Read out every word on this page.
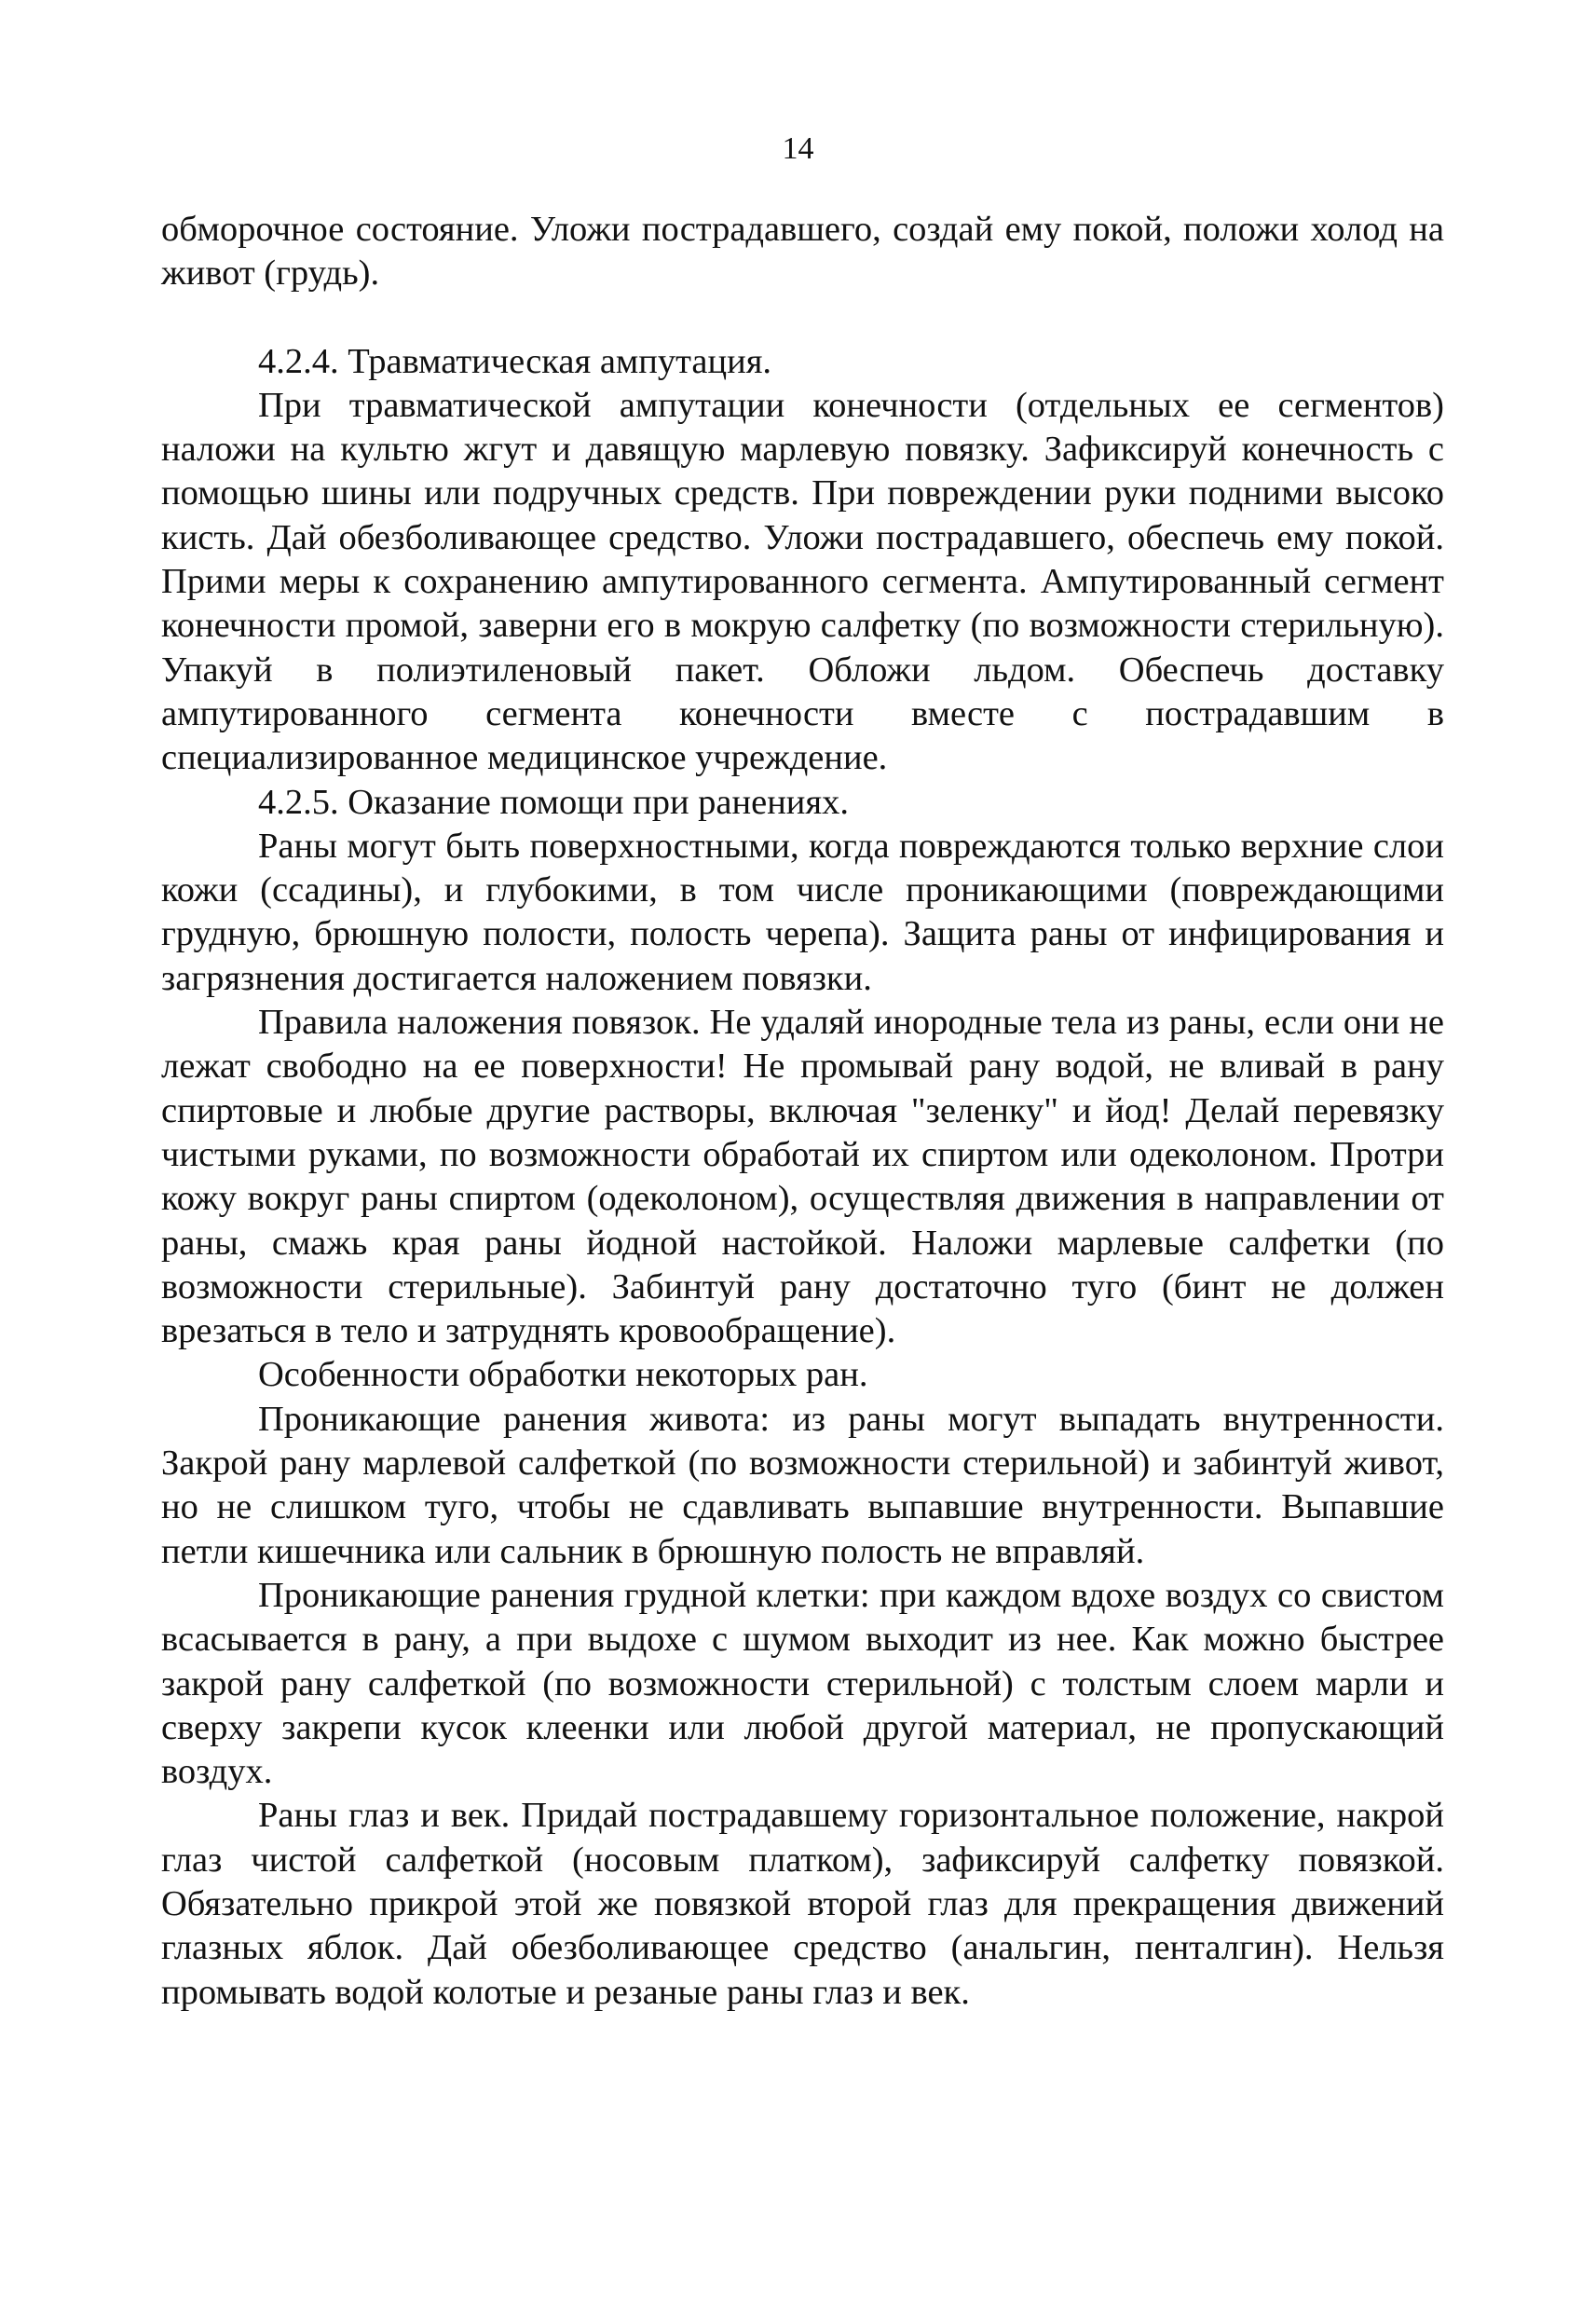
14

обморочное состояние. Уложи пострадавшего, создай ему покой, положи холод на живот (грудь).

4.2.4. Травматическая ампутация.

При травматической ампутации конечности (отдельных ее сегментов) наложи на культю жгут и давящую марлевую повязку. Зафиксируй конечность с помощью шины или подручных средств. При повреждении руки подними высоко кисть. Дай обезболивающее средство. Уложи пострадавшего, обеспечь ему покой. Прими меры к сохранению ампутированного сегмента. Ампутированный сегмент конечности промой, заверни его в мокрую салфетку (по возможности стерильную). Упакуй в полиэтиленовый пакет. Обложи льдом. Обеспечь доставку ампутированного сегмента конечности вместе с пострадавшим в специализированное медицинское учреждение.

4.2.5. Оказание помощи при ранениях.

Раны могут быть поверхностными, когда повреждаются только верхние слои кожи (ссадины), и глубокими, в том числе проникающими (повреждающими грудную, брюшную полости, полость черепа). Защита раны от инфицирования и загрязнения достигается наложением повязки.

Правила наложения повязок. Не удаляй инородные тела из раны, если они не лежат свободно на ее поверхности! Не промывай рану водой, не вливай в рану спиртовые и любые другие растворы, включая "зеленку" и йод! Делай перевязку чистыми руками, по возможности обработай их спиртом или одеколоном. Протри кожу вокруг раны спиртом (одеколоном), осуществляя движения в направлении от раны, смажь края раны йодной настойкой. Наложи марлевые салфетки (по возможности стерильные). Забинтуй рану достаточно туго (бинт не должен врезаться в тело и затруднять кровообращение).

Особенности обработки некоторых ран.

Проникающие ранения живота: из раны могут выпадать внутренности. Закрой рану марлевой салфеткой (по возможности стерильной) и забинтуй живот, но не слишком туго, чтобы не сдавливать выпавшие внутренности. Выпавшие петли кишечника или сальник в брюшную полость не вправляй.

Проникающие ранения грудной клетки: при каждом вдохе воздух со свистом всасывается в рану, а при выдохе с шумом выходит из нее. Как можно быстрее закрой рану салфеткой (по возможности стерильной) с толстым слоем марли и сверху закрепи кусок клеенки или любой другой материал, не пропускающий воздух.

Раны глаз и век. Придай пострадавшему горизонтальное положение, накрой глаз чистой салфеткой (носовым платком), зафиксируй салфетку повязкой. Обязательно прикрой этой же повязкой второй глаз для прекращения движений глазных яблок. Дай обезболивающее средство (анальгин, пенталгин). Нельзя промывать водой колотые и резаные раны глаз и век.
